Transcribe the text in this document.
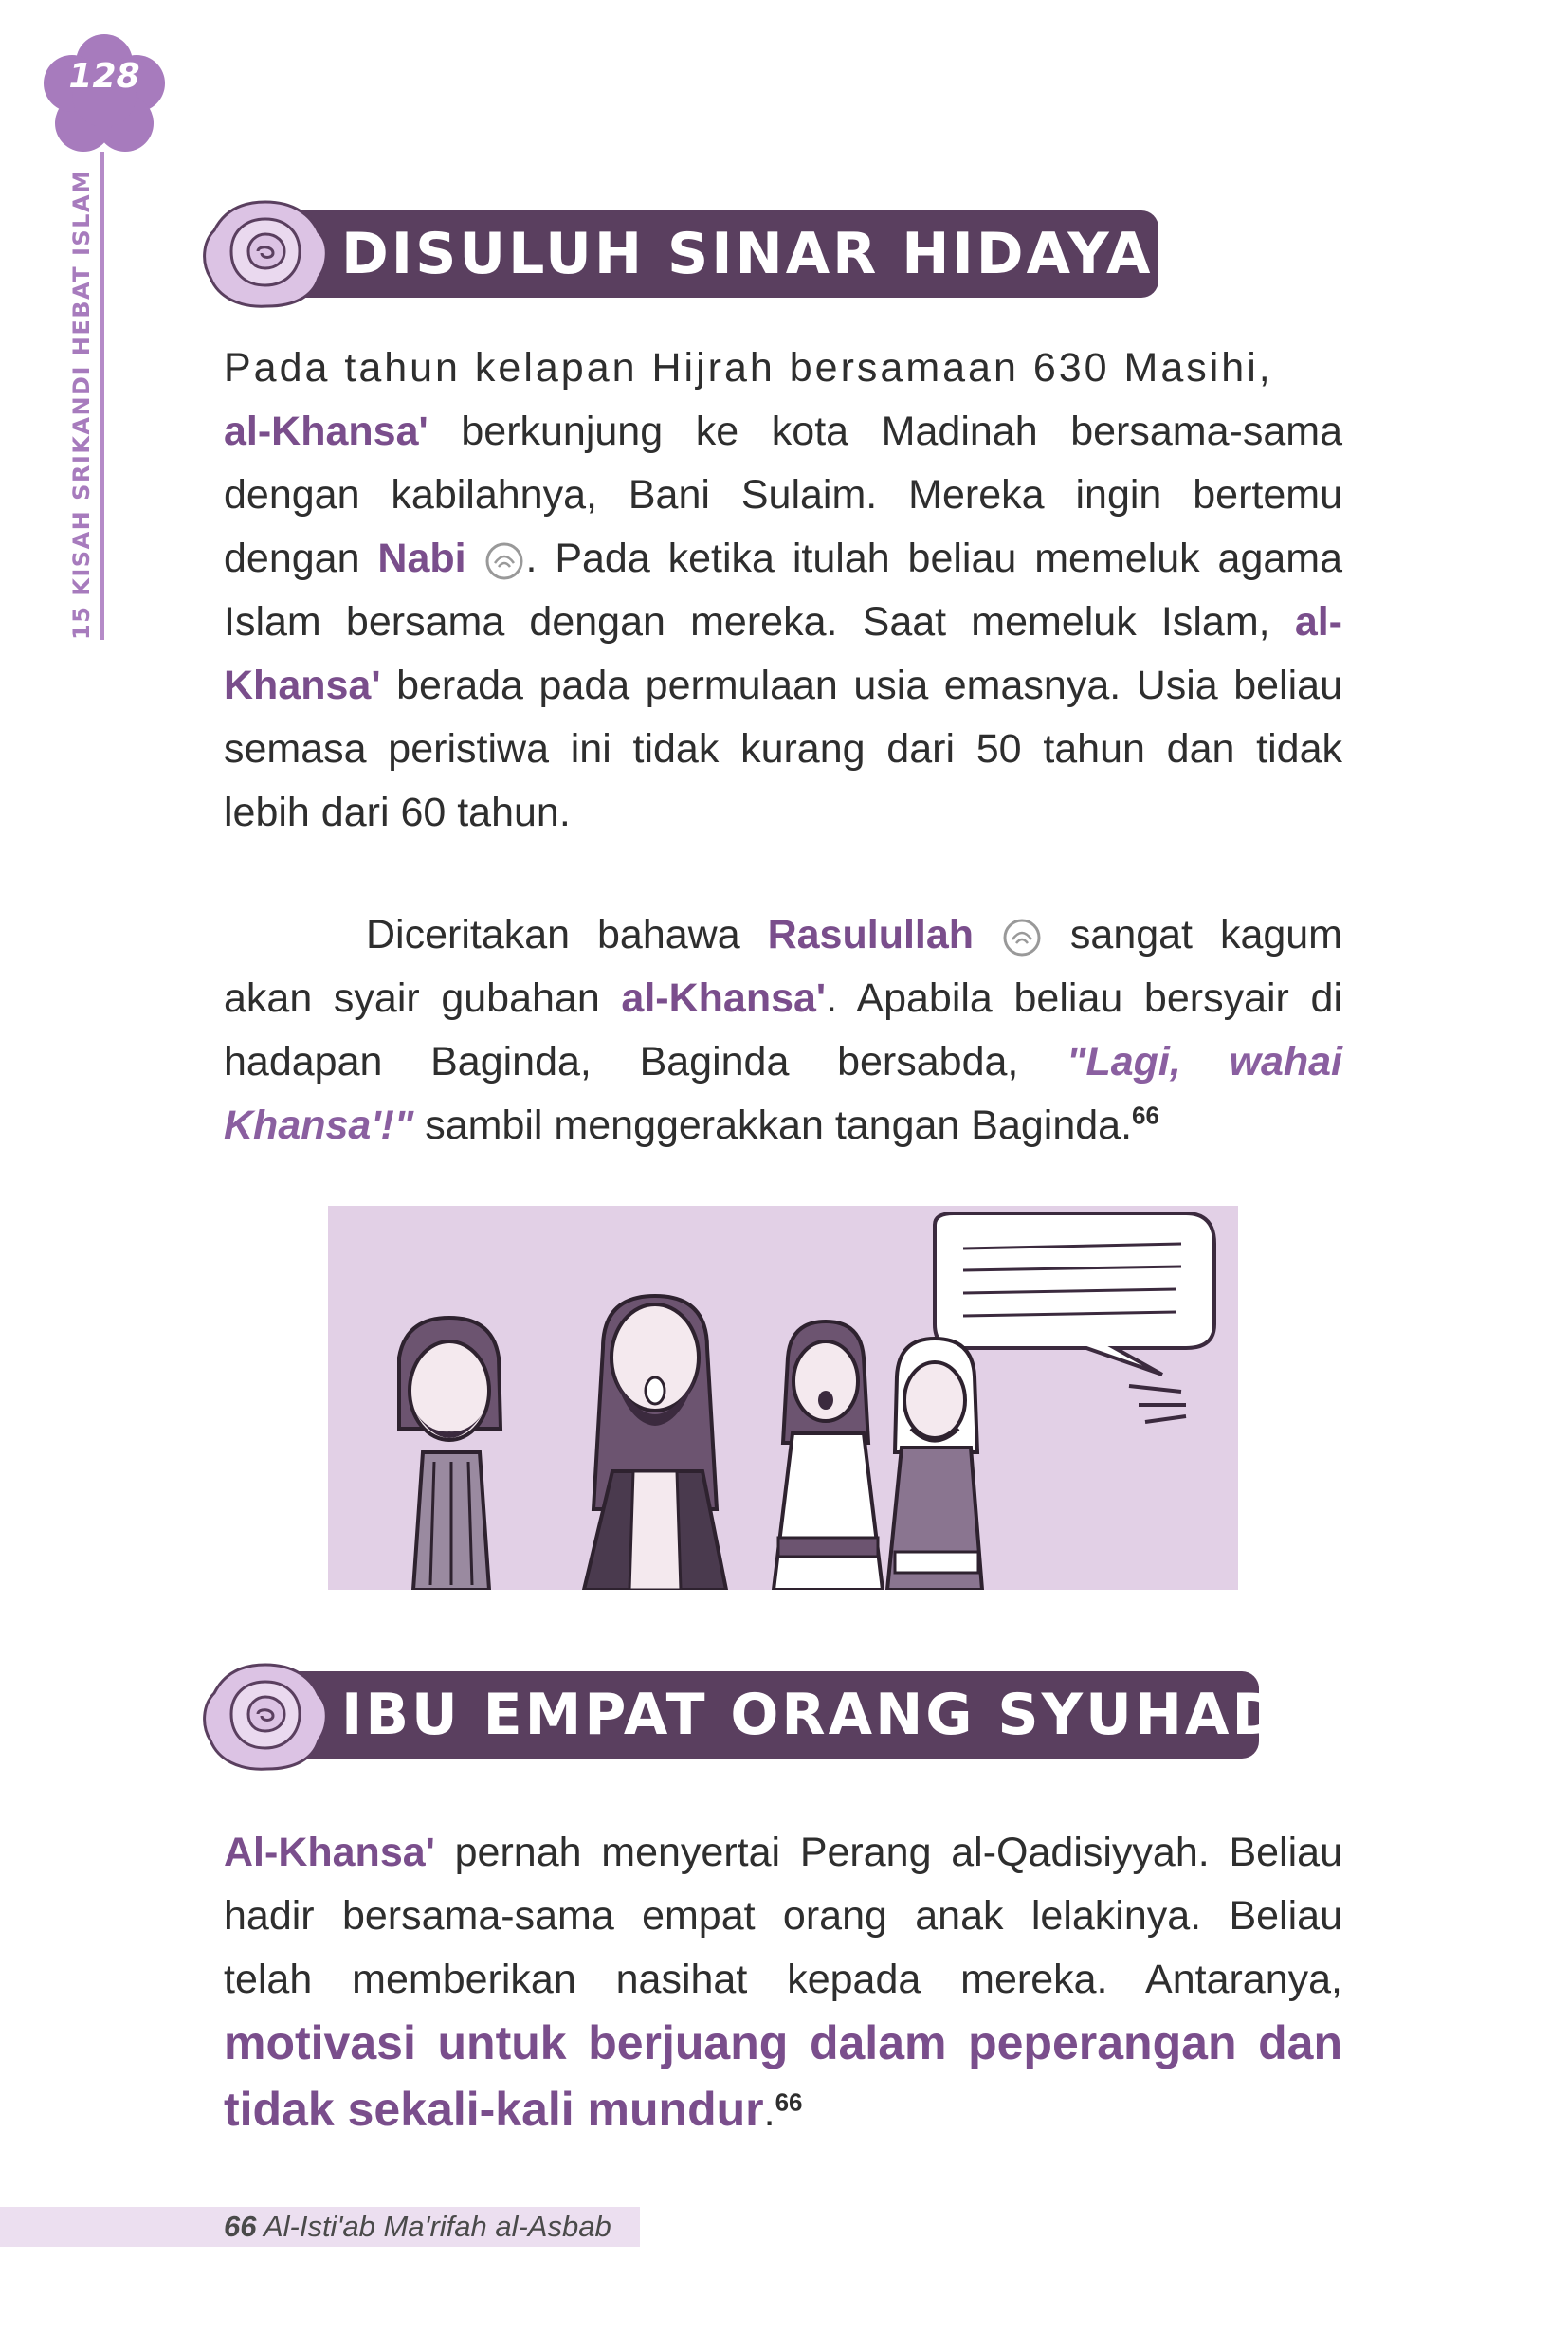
128
15 KISAH SRIKANDI HEBAT ISLAM	DISULUH SINAR HIDAYAH
Pada tahun kelapan Hijrah bersamaan 630 Masihi,
al-Khansa' berkunjung ke kota Madinah bersama-sama dengan kabilahnya, Bani Sulaim. Mereka ingin bertemu dengan Nabi . Pada ketika itulah beliau memeluk agama Islam bersama dengan mereka. Saat memeluk Islam, al-Khansa' berada pada permulaan usia emasnya. Usia beliau semasa peristiwa ini tidak kurang dari 50 tahun dan tidak lebih dari 60 tahun.
Diceritakan bahawa Rasulullah  sangat kagum akan syair gubahan al-Khansa'. Apabila beliau bersyair di hadapan Baginda, Baginda bersabda, "Lagi, wahai Khansa'!" sambil menggerakkan tangan Baginda.$^{66}$
IBU EMPAT ORANG SYUHADA
Al-Khansa' pernah menyertai Perang al-Qadisiyyah. Beliau hadir bersama-sama empat orang anak lelakinya. Beliau telah memberikan nasihat kepada mereka. Antaranya, motivasi untuk berjuang dalam peperangan dan tidak sekali-kali mundur.$^{66}$
66 Al-Isti'ab Ma'rifah al-Asbab
